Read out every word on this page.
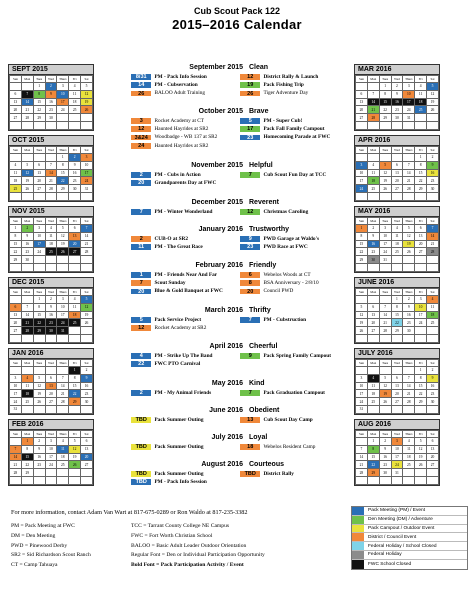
Cub Scout Pack 122
2015–2016 Calendar
SEPT 2015
Sun	Mon	Tues	Wed	Thurs	Fri	Sat
		1	2	3	4	5
6	7	8	9	10	11	12
13	14	15	16	17	18	19
20	21	22	23	24	25	26
27	28	29	30			

OCT 2015
Sun	Mon	Tues	Wed	Thurs	Fri	Sat
				1	2	3
4	5	6	7	8	9	10
11	12	13	14	15	16	17
18	19	20	21	22	23	24
25	26	27	28	29	30	31

NOV 2015
Sun	Mon	Tues	Wed	Thurs	Fri	Sat
1	2	3	4	5	6	7
8	9	10	11	12	13	14
15	16	17	18	19	20	21
22	23	24	25	26	27	28
29	30					

DEC 2015
Sun	Mon	Tues	Wed	Thurs	Fri	Sat
		1	2	3	4	5
6	7	8	9	10	11	12
13	14	15	16	17	18	19
20	21	22	23	24	25	26
27	28	29	30	31		

JAN 2016
Sun	Mon	Tues	Wed	Thurs	Fri	Sat
					1	2
3	4	5	6	7	8	9
10	11	12	13	14	15	16
17	18	19	20	21	22	23
24	25	26	27	28	29	30
31						
FEB 2016
Sun	Mon	Tues	Wed	Thurs	Fri	Sat
	1	2	3	4	5	6
7	8	9	10	11	12	13
14	15	16	17	18	19	20
21	22	23	24	25	26	27
28	29					

MAR 2016
Sun	Mon	Tues	Wed	Thurs	Fri	Sat
		1	2	3	4	5
6	7	8	9	10	11	12
13	14	15	16	17	18	19
20	21	22	23	24	25	26
27	28	29	30	31		

APR 2016
Sun	Mon	Tues	Wed	Thurs	Fri	Sat
					1	2
3	4	5	6	7	8	9
10	11	12	13	14	15	16
17	18	19	20	21	22	23
24	25	26	27	28	29	30

MAY 2016
Sun	Mon	Tues	Wed	Thurs	Fri	Sat
1	2	3	4	5	6	7
8	9	10	11	12	13	14
15	16	17	18	19	20	21
22	23	24	25	26	27	28
29	30	31				

JUNE 2016
Sun	Mon	Tues	Wed	Thurs	Fri	Sat
			1	2	3	4
5	6	7	8	9	10	11
12	13	14	15	16	17	18
19	20	21	22	23	24	25
26	27	28	29	30		

JULY 2016
Sun	Mon	Tues	Wed	Thurs	Fri	Sat
					1	2
3	4	5	6	7	8	9
10	11	12	13	14	15	16
17	18	19	20	21	22	23
24	25	26	27	28	29	30
31						
AUG 2016
Sun	Mon	Tues	Wed	Thurs	Fri	Sat
	1	2	3	4	5	6
7	8	9	10	11	12	13
14	15	16	17	18	19	20
21	22	23	24	25	26	27
28	29	30	31			

September 2015 Clean
8/31	PM - Pack Info Session	12	District Rally & Launch
14	PM - Cubservation	19	Pack Fishing Trip
26	BALOO Adult Training	26	Tiger Adventure Day
October 2015 Brave
3	Rocket Academy at CT	5	PM - Super Cub!
12	Haunted Hayrides at SR2	17	Pack Fall Family Campout
3&24	Woodbadge - WB 137 at SR2	23	Homecoming Parade at FWC
24	Haunted Hayrides at SR2
November 2015 Helpful
2	PM - Cubs in Action	7	Cub Scout Fun Day at TCC
20	Grandparents Day at FWC
December 2015 Reverent
7	PM - Winter Wonderland	12	Christmas Caroling
January 2016 Trustworthy
2	CUB-O at SR2	9	PWD Garage at Waldo's
11	PM - The Great Race	23	PWD Race at FWC
February 2016 Friendly
1	PM - Friends Near And Far	6	Webelos Woods at CT
7	Scout Sunday	8	BSA Anniversary - 2/8/10
20	Blue & Gold Banquet at FWC	20	Council PWD
March 2016 Thrifty
5	Pack Service Project	7	PM - Cubstruction
12	Rocket Academy at SR2
April 2016 Cheerful
4	PM - Strike Up The Band	9	Pack Spring Family Campout
22	FWC PTO Carnival
May 2016 Kind
2	PM - My Animal Friends	7	Pack Graduation Campout
June 2016 Obedient
TBD	Pack Summer Outing	13	Cub Scout Day Camp
July 2016 Loyal
TBD	Pack Summer Outing	18	Webelos Resident Camp
August 2016 Courteous
TBD	Pack Summer Outing	TBD	District Rally
TBD	PM - Pack Info Session
For more information, contact Adam Van Wart at 817-675-0289 or Ron Waldo at 817-235-3382
PM = Pack Meeting at FWC
DM = Den Meeting
PWD = Pinewood Derby
SR2 = Sid Richardson Scout Ranch
CT = Camp Tahuaya
TCC = Tarrant County College NE Campus
FWC = Fort Worth Christian School
BALOO = Basic Adult Leader Outdoor Orientation
Regular Font = Den or Individual Participation Opportunity
Bold Font = Pack Participation Activity / Event
Pack Meeting (PM) / Event
Den Meeting (DM) / Adventure
Pack Campout / Outdoor Event
District / Council Event
Federal Holiday / School Closed
Federal Holiday
FWC School Closed
